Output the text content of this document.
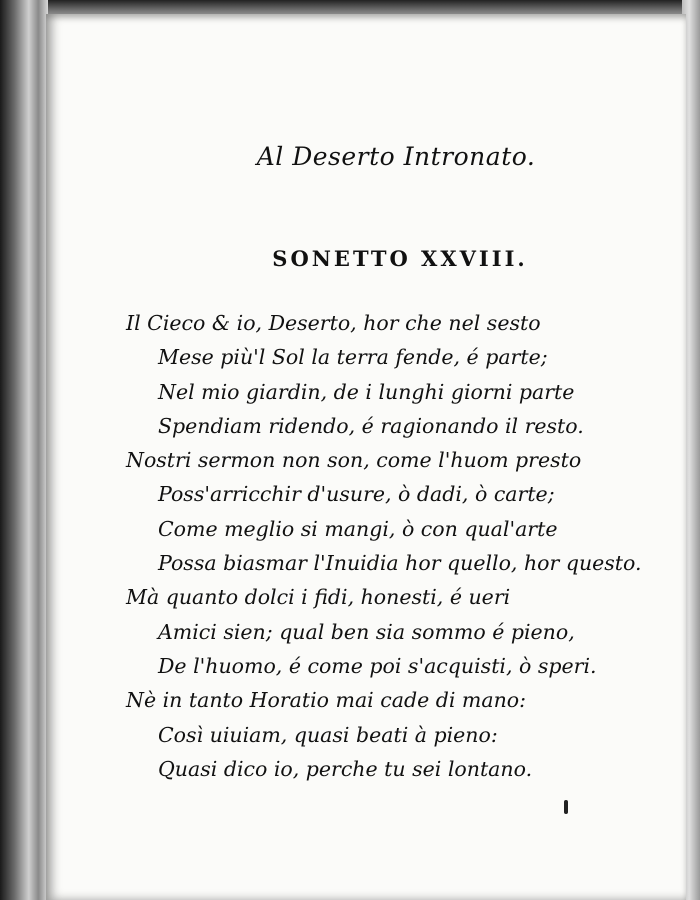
Al Deserto Intronato.
SONETTO XXVIII.
Il Cieco & io, Deserto, hor che nel sesto
Mese più'l Sol la terra fende, é parte;
Nel mio giardin, de i lunghi giorni parte
Spendiam ridendo, é ragionando il resto.
Nostri sermon non son, come l'huom presto
Poss'arricchir d'usure, ò dadi, ò carte;
Come meglio si mangi, ò con qual'arte
Possa biasmar l'Inuidia hor quello, hor questo.
Mà quanto dolci i fidi, honesti, é ueri
Amici sien; qual ben sia sommo é pieno,
De l'huomo, é come poi s'acquisti, ò speri.
Nè in tanto Horatio mai cade di mano:
Così uiuiam, quasi beati à pieno:
Quasi dico io, perche tu sei lontano.
